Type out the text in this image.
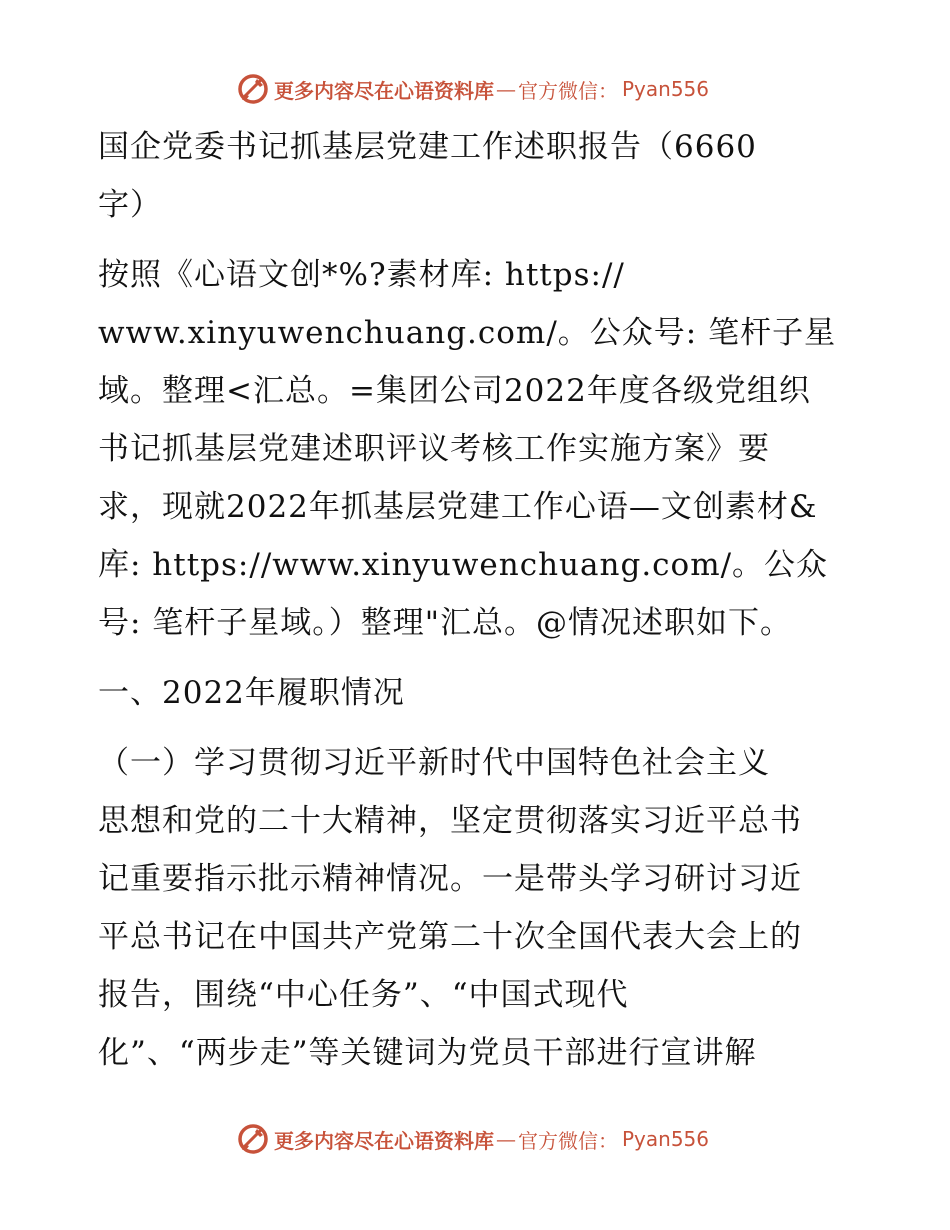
更多内容尽在心语资料库 — 官方微信： Pyan556
国企党委书记抓基层党建工作述职报告（6660
字）
按照《心语文创*%?素材库: https://
www.xinyuwenchuang.com/。公众号: 笔杆子星
域。整理<汇总。=集团公司2022年度各级党组织
书记抓基层党建述职评议考核工作实施方案》要
求，现就2022年抓基层党建工作心语—文创素材&
库: https://www.xinyuwenchuang.com/。公众
号: 笔杆子星域。）整理"汇总。@情况述职如下。
一、2022年履职情况
（一）学习贯彻习近平新时代中国特色社会主义
思想和党的二十大精神，坚定贯彻落实习近平总书
记重要指示批示精神情况。一是带头学习研讨习近
平总书记在中国共产党第二十次全国代表大会上的
报告，围绕“中心任务”、“中国式现代
化”、“两步走”等关键词为党员干部进行宣讲解
更多内容尽在心语资料库 — 官方微信： Pyan556
